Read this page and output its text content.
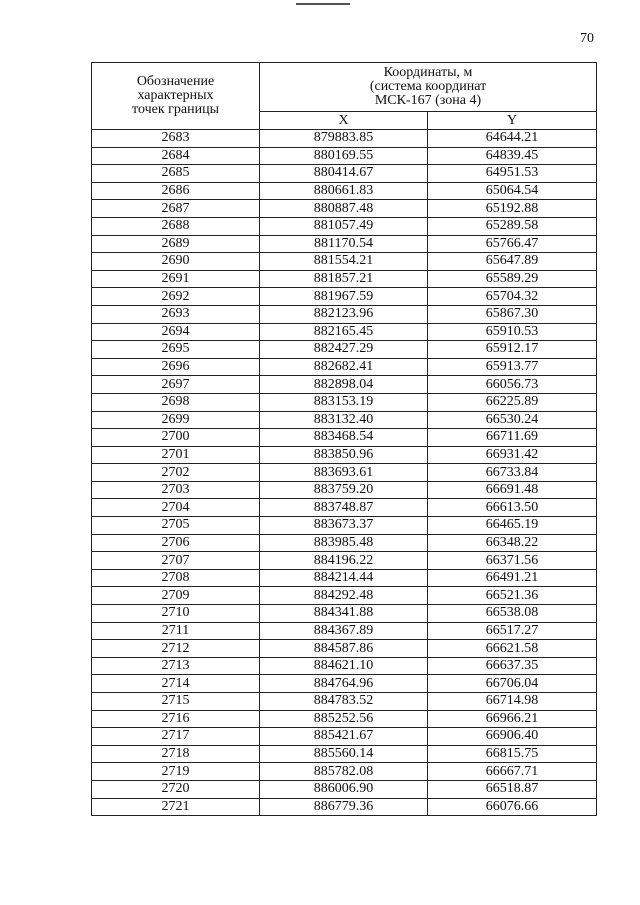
70
Обозначение
характерных
точек границы	Координаты, м
(система координат
МСК-167 (зона 4)	
	X	Y
2683	879883.85	64644.21
2684	880169.55	64839.45
2685	880414.67	64951.53
2686	880661.83	65064.54
2687	880887.48	65192.88
2688	881057.49	65289.58
2689	881170.54	65766.47
2690	881554.21	65647.89
2691	881857.21	65589.29
2692	881967.59	65704.32
2693	882123.96	65867.30
2694	882165.45	65910.53
2695	882427.29	65912.17
2696	882682.41	65913.77
2697	882898.04	66056.73
2698	883153.19	66225.89
2699	883132.40	66530.24
2700	883468.54	66711.69
2701	883850.96	66931.42
2702	883693.61	66733.84
2703	883759.20	66691.48
2704	883748.87	66613.50
2705	883673.37	66465.19
2706	883985.48	66348.22
2707	884196.22	66371.56
2708	884214.44	66491.21
2709	884292.48	66521.36
2710	884341.88	66538.08
2711	884367.89	66517.27
2712	884587.86	66621.58
2713	884621.10	66637.35
2714	884764.96	66706.04
2715	884783.52	66714.98
2716	885252.56	66966.21
2717	885421.67	66906.40
2718	885560.14	66815.75
2719	885782.08	66667.71
2720	886006.90	66518.87
2721	886779.36	66076.66
